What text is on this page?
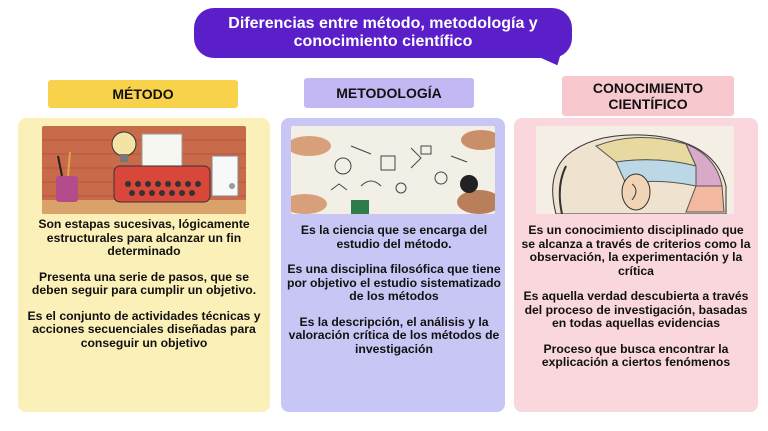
Diferencias entre método, metodología y conocimiento científico
MÉTODO	METODOLOGÍA	CONOCIMIENTO CIENTÍFICO

Son estapas sucesivas, lógicamente estructurales para alcanzar un fin determinado

Presenta una serie de pasos, que se deben seguir para cumplir un objetivo.

Es el conjunto de actividades técnicas y acciones secuenciales diseñadas para conseguir un objetivo

Es la ciencia que se encarga del estudio del método.

Es una disciplina filosófica que tiene por objetivo el estudio sistematizado de los métodos

Es la descripción, el análisis y la valoración crítica de los métodos de investigación

Es un conocimiento disciplinado que se alcanza a través de criterios como la observación, la experimentación y la crítica

Es aquella verdad descubierta a través del proceso de investigación, basadas en todas aquellas evidencias

Proceso que busca encontrar la explicación a ciertos fenómenos
